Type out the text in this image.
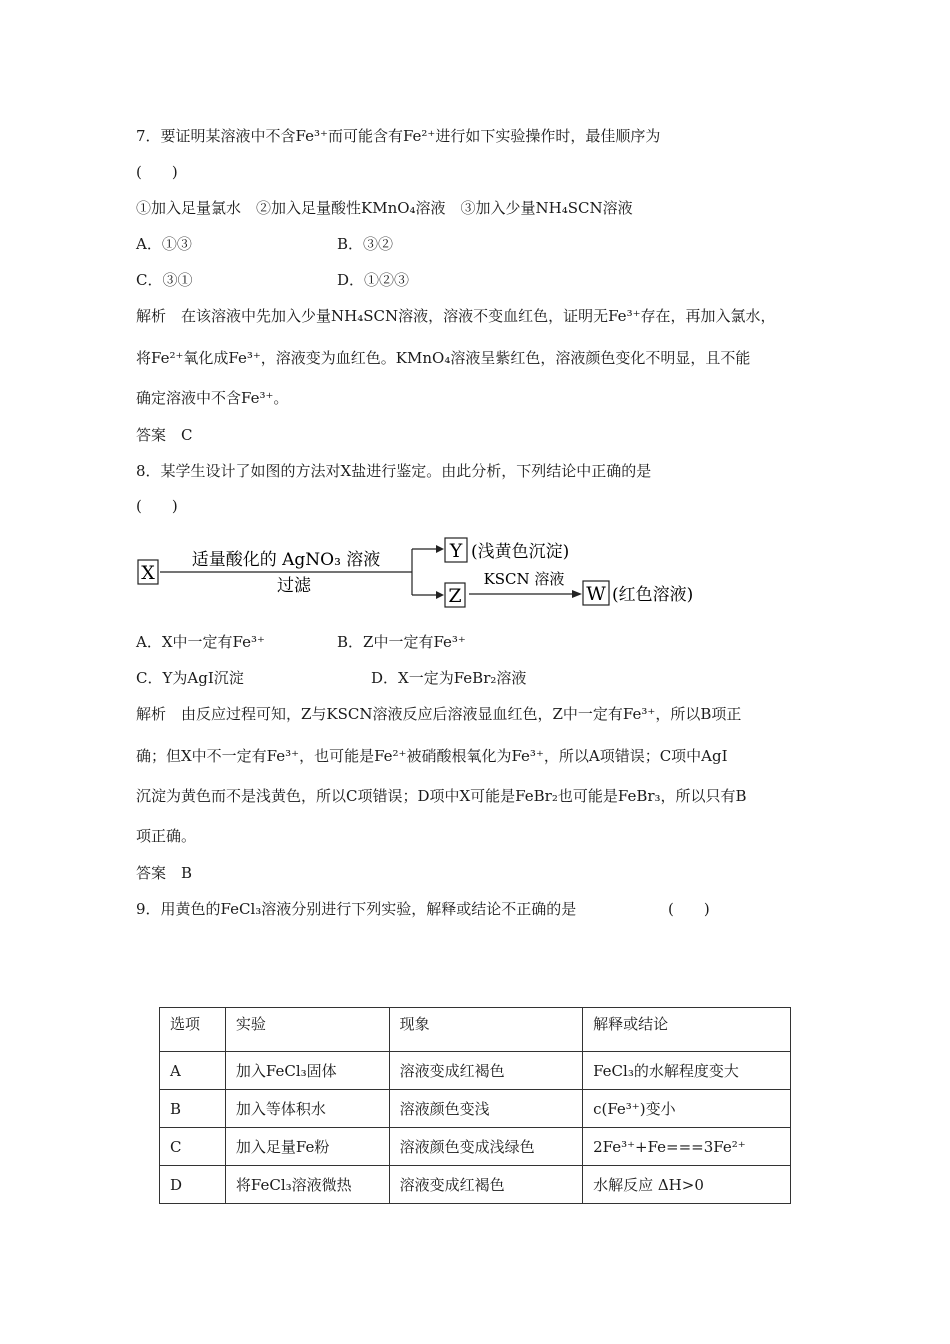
7．要证明某溶液中不含Fe³⁺而可能含有Fe²⁺进行如下实验操作时，最佳顺序为
(　　)
①加入足量氯水　②加入足量酸性KMnO₄溶液　③加入少量NH₄SCN溶液
A．①③	B．③②
C．③①	D．①②③
解析　在该溶液中先加入少量NH₄SCN溶液，溶液不变血红色，证明无Fe³⁺存在，再加入氯水，
将Fe²⁺氧化成Fe³⁺，溶液变为血红色。KMnO₄溶液呈紫红色，溶液颜色变化不明显，且不能
确定溶液中不含Fe³⁺。
答案　C
8．某学生设计了如图的方法对X盐进行鉴定。由此分析，下列结论中正确的是
(　　)
X
适量酸化的 AgNO₃ 溶液
过滤
Y (浅黄色沉淀)
Z
KSCN 溶液
W (红色溶液)
A．X中一定有Fe³⁺	B．Z中一定有Fe³⁺
C．Y为AgI沉淀	D．X一定为FeBr₂溶液
解析　由反应过程可知，Z与KSCN溶液反应后溶液显血红色，Z中一定有Fe³⁺，所以B项正
确；但X中不一定有Fe³⁺，也可能是Fe²⁺被硝酸根氧化为Fe³⁺，所以A项错误；C项中AgI
沉淀为黄色而不是浅黄色，所以C项错误；D项中X可能是FeBr₂也可能是FeBr₃，所以只有B
项正确。
答案　B
9．用黄色的FeCl₃溶液分别进行下列实验，解释或结论不正确的是	(　　)
选项	实验	现象	解释或结论
A	加入FeCl₃固体	溶液变成红褐色	FeCl₃的水解程度变大
B	加入等体积水	溶液颜色变浅	c(Fe³⁺)变小
C	加入足量Fe粉	溶液颜色变成浅绿色	2Fe³⁺+Fe===3Fe²⁺
D	将FeCl₃溶液微热	溶液变成红褐色	水解反应 ΔH>0
